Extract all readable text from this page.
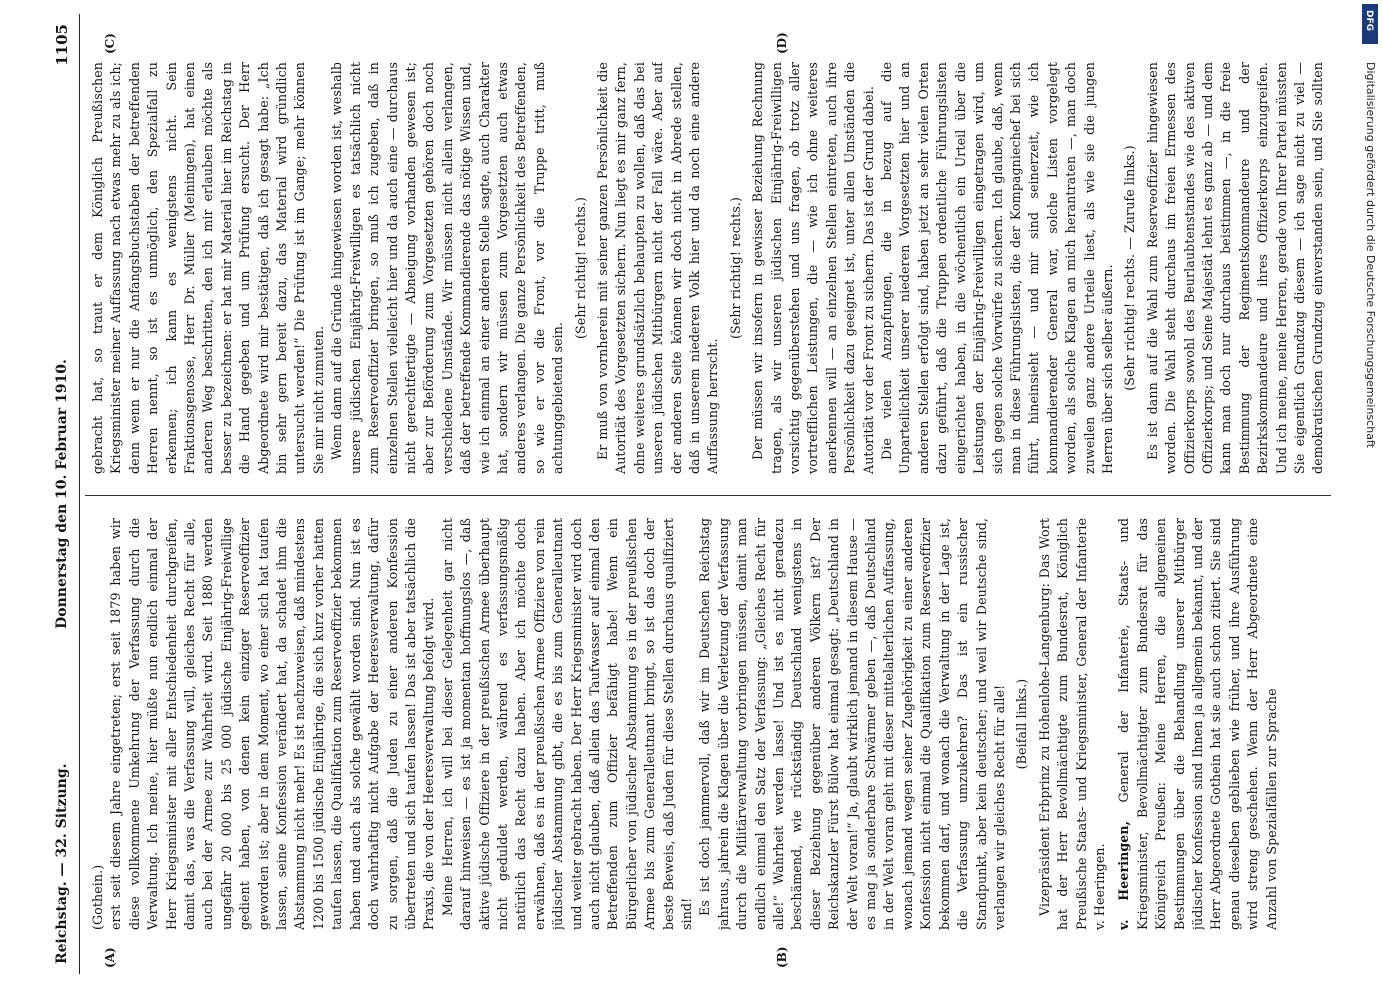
Reichstag. — 32. Sitzung.
Donnerstag den 10. Februar 1910.
1105
(A)	(B)
(C)	(D)

(Gothein.) erst seit diesem Jahre eingetreten; erst seit 1879 haben wir diese vollkommene Umkehrung der Verfassung durch die Verwaltung. Ich meine, hier müßte nun endlich einmal der Herr Kriegsminister mit aller Entschiedenheit durchgreifen, damit das, was die Verfassung will, gleiches Recht für alle, auch bei der Armee zur Wahrheit wird. Seit 1880 werden ungefähr 20 000 bis 25 000 jüdische Einjährig-Freiwillige gedient haben, von denen kein einziger Reserveoffizier geworden ist; aber in dem Moment, wo einer sich hat taufen lassen, seine Konfession verändert hat, da schadet ihm die Abstammung nicht mehr! Es ist nachzuweisen, daß mindestens 1200 bis 1500 jüdische Einjährige, die sich kurz vorher hatten taufen lassen, die Qualifikation zum Reserveoffizier bekommen haben und auch als solche gewählt worden sind. Nun ist es doch wahrhaftig nicht Aufgabe der Heeresverwaltung, dafür zu sorgen, daß die Juden zu einer anderen Konfession übertreten und sich taufen lassen! Das ist aber tatsächlich die Praxis, die von der Heeresverwaltung befolgt wird. Meine Herren, ich will bei dieser Gelegenheit gar nicht darauf hinweisen — es ist ja momentan hoffnungslos —, daß aktive jüdische Offiziere in der preußischen Armee überhaupt nicht geduldet werden, während es verfassungsmäßig natürlich das Recht dazu haben. Aber ich möchte doch erwähnen, daß es in der preußischen Armee Offiziere von rein jüdischer Abstammung gibt, die es bis zum Generalleutnant und weiter gebracht haben. Der Herr Kriegsminister wird doch auch nicht glauben, daß allein das Taufwasser auf einmal den Betreffenden zum Offizier befähigt habe! Wenn ein Bürgerlicher von jüdischer Abstammung es in der preußischen Armee bis zum Generalleutnant bringt, so ist das doch der beste Beweis, daß Juden für diese Stellen durchaus qualifiziert sind! Es ist doch jammervoll, daß wir im Deutschen Reichstag jahraus, jahrein die Klagen über die Verletzung der Verfassung durch die Militärverwaltung vorbringen müssen, damit man endlich einmal den Satz der Verfassung: „Gleiches Recht für alle!“ Wahrheit werden lasse! Und ist es nicht geradezu beschämend, wie rückständig Deutschland wenigstens in dieser Beziehung gegenüber anderen Völkern ist? Der Reichskanzler Fürst Bülow hat einmal gesagt: „Deutschland in der Welt voran!“ Ja, glaubt wirklich jemand in diesem Hause — es mag ja sonderbare Schwärmer geben —, daß Deutschland in der Welt voran geht mit dieser mittelalterlichen Auffassung, wonach jemand wegen seiner Zugehörigkeit zu einer anderen Konfession nicht einmal die Qualifikation zum Reserveoffizier bekommen darf, und wonach die Verwaltung in der Lage ist, die Verfassung umzukehren? Das ist ein russischer Standpunkt, aber kein deutscher; und weil wir Deutsche sind, verlangen wir gleiches Recht für alle! (Beifall links.) Vizepräsident Erbprinz zu Hohenlohe-Langenburg: Das Wort hat der Herr Bevollmächtigte zum Bundesrat, Königlich Preußische Staats- und Kriegsminister, General der Infanterie v. Heeringen. v. Heeringen, General der Infanterie, Staats- und Kriegsminister, Bevollmächtigter zum Bundesrat für das Königreich Preußen: Meine Herren, die allgemeinen Bestimmungen über die Behandlung unserer Mitbürger jüdischer Konfession sind Ihnen ja allgemein bekannt, und der Herr Abgeordnete Gothein hat sie auch schon zitiert. Sie sind genau dieselben geblieben wie früher, und ihre Ausführung wird streng geschehen. Wenn der Herr Abgeordnete eine Anzahl von Spezialfällen zur Sprache

gebracht hat, so traut er dem Königlich Preußischen Kriegsminister meiner Auffassung nach etwas mehr zu als ich; denn wenn er nur die Anfangsbuchstaben der betreffenden Herren nennt, so ist es unmöglich, den Spezialfall zu erkennen; ich kann es wenigstens nicht. Sein Fraktionsgenosse, Herr Dr. Müller (Meiningen), hat einen anderen Weg beschritten, den ich mir erlauben möchte als besser zu bezeichnen: er hat mir Material hier im Reichstag in die Hand gegeben und um Prüfung ersucht. Der Herr Abgeordnete wird mir bestätigen, daß ich gesagt habe: „Ich bin sehr gern bereit dazu, das Material wird gründlich untersucht werden!“ Die Prüfung ist im Gange; mehr können Sie mir nicht zumuten. Wenn dann auf die Gründe hingewiesen worden ist, weshalb unsere jüdischen Einjährig-Freiwilligen es tatsächlich nicht zum Reserveoffizier bringen, so muß ich zugeben, daß in einzelnen Stellen vielleicht hier und da auch eine — durchaus nicht gerechtfertigte — Abneigung vorhanden gewesen ist; aber zur Beförderung zum Vorgesetzten gehören doch noch verschiedene Umstände. Wir müssen nicht allein verlangen, daß der betreffende Kommandierende das nötige Wissen und, wie ich einmal an einer anderen Stelle sagte, auch Charakter hat, sondern wir müssen zum Vorgesetzten auch etwas anderes verlangen. Die ganze Persönlichkeit des Betreffenden, so wie er vor die Front, vor die Truppe tritt, muß achtunggebietend sein.

(Sehr richtig! rechts.) Er muß von vornherein mit seiner ganzen Persönlichkeit die Autorität des Vorgesetzten sichern. Nun liegt es mir ganz fern, ohne weiteres grundsätzlich behaupten zu wollen, daß das bei unseren jüdischen Mitbürgern nicht der Fall wäre. Aber auf der anderen Seite können wir doch nicht in Abrede stellen, daß in unserem niederen Volk hier und da noch eine andere Auffassung herrscht.

(Sehr richtig! rechts.) Der müssen wir insofern in gewisser Beziehung Rechnung tragen, als wir unseren jüdischen Einjährig-Freiwilligen vorsichtig gegenüberstehen und uns fragen, ob trotz aller vortrefflichen Leistungen, die — wie ich ohne weiteres anerkennen will — an einzelnen Stellen eintreten, auch ihre Persönlichkeit dazu geeignet ist, unter allen Umständen die Autorität vor der Front zu sichern. Das ist der Grund dabei. Die vielen Anzapfungen, die in bezug auf die Unparteilichkeit unserer niederen Vorgesetzten hier und an anderen Stellen erfolgt sind, haben jetzt an sehr vielen Orten dazu geführt, daß die Truppen ordentliche Führungslisten eingerichtet haben, in die wöchentlich ein Urteil über die Leistungen der Einjährig-Freiwilligen eingetragen wird, um sich gegen solche Vorwürfe zu sichern. Ich glaube, daß, wenn man in diese Führungslisten, die der Kompagniechef bei sich führt, hineinsieht — und mir sind seinerzeit, wie ich kommandierender General war, solche Listen vorgelegt worden, als solche Klagen an mich herantraten —, man doch zuweilen ganz andere Urteile liest, als wie sie die jungen Herren über sich selber äußern. (Sehr richtig! rechts. — Zurufe links.)

Es ist dann auf die Wahl zum Reserveoffizier hingewiesen worden. Die Wahl steht durchaus im freien Ermessen des Offizierkorps sowohl des Beurlaubtenstandes wie des aktiven Offizierkorps; und Seine Majestät lehnt es ganz ab — und dem kann man doch nur durchaus beistimmen —, in die freie Bestimmung der Regimentskommandeure und der Bezirkskommandeure und ihres Offizierkorps einzugreifen. Und ich meine, meine Herren, gerade von Ihrer Partei müssten Sie eigentlich Grundzug diesem — ich sage nicht zu viel — demokratischen Grundzug einverstanden sein, und Sie sollten

DFG
Digitalisierung gefördert durch die Deutsche Forschungsgemeinschaft
